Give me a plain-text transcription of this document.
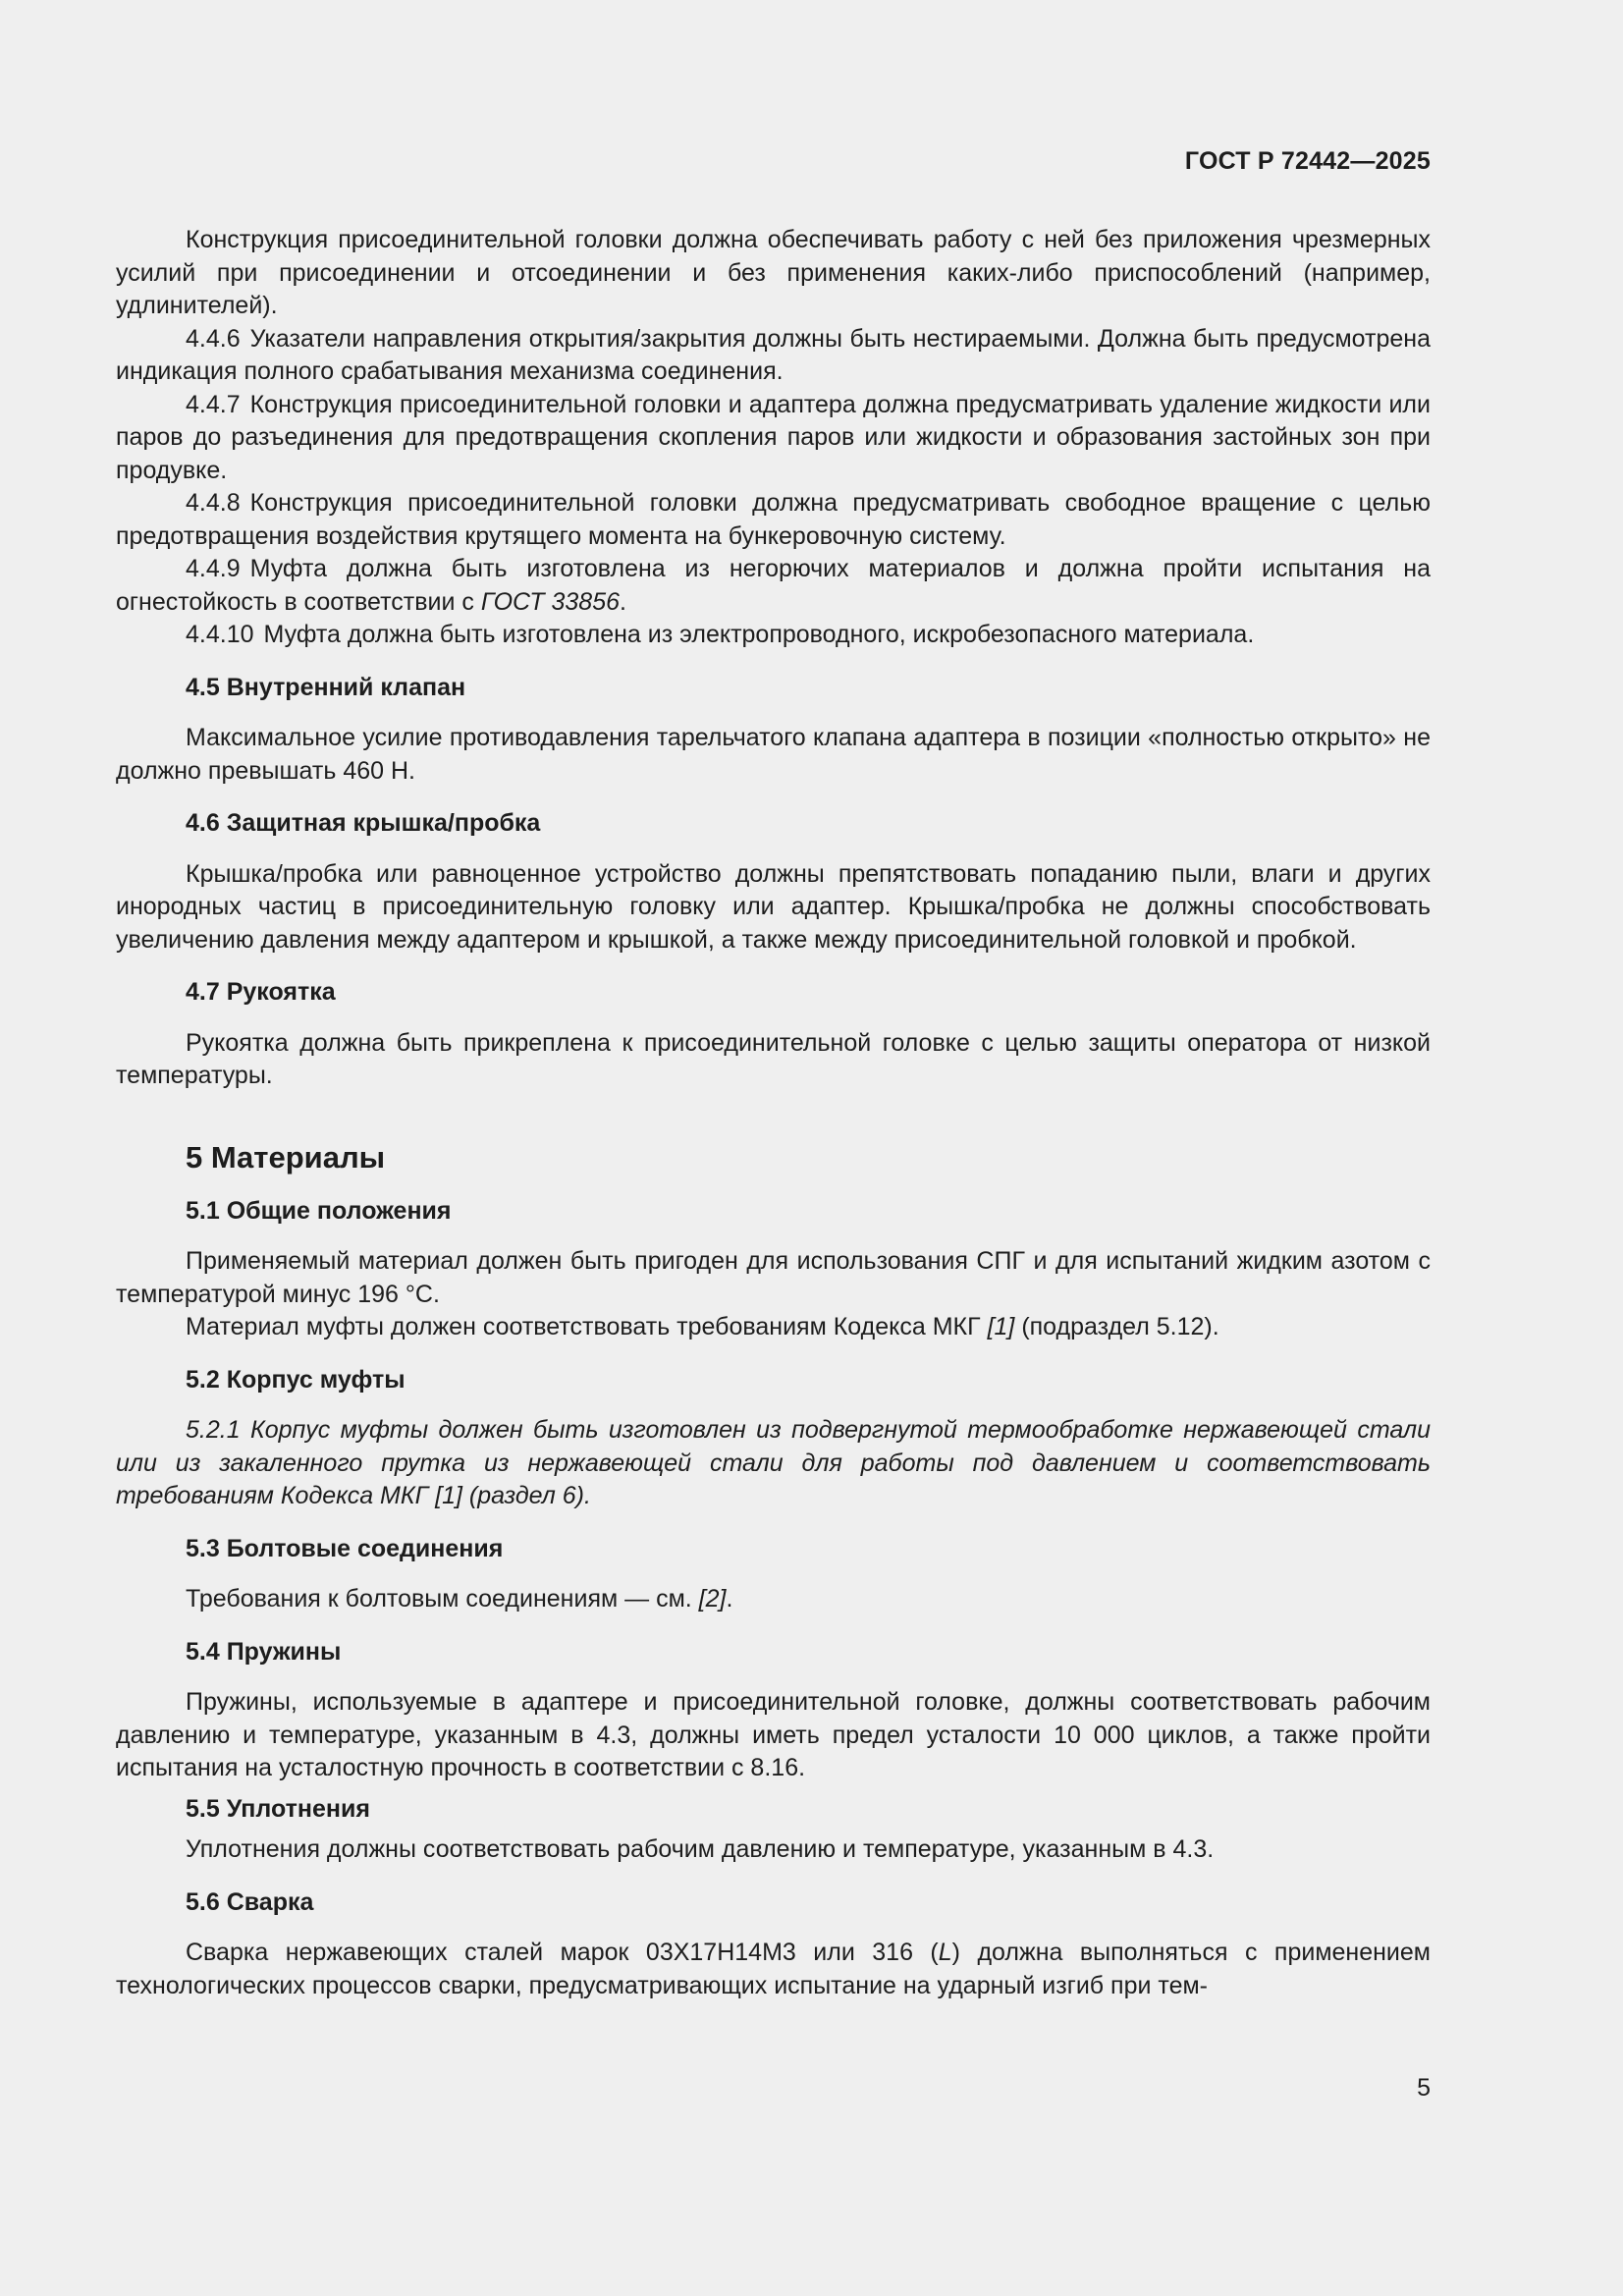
ГОСТ Р 72442—2025

Конструкция присоединительной головки должна обеспечивать работу с ней без приложения чрезмерных усилий при присоединении и отсоединении и без применения каких-либо приспособлений (например, удлинителей).

4.4.6 Указатели направления открытия/закрытия должны быть нестираемыми. Должна быть предусмотрена индикация полного срабатывания механизма соединения.

4.4.7 Конструкция присоединительной головки и адаптера должна предусматривать удаление жидкости или паров до разъединения для предотвращения скопления паров или жидкости и образования застойных зон при продувке.

4.4.8 Конструкция присоединительной головки должна предусматривать свободное вращение с целью предотвращения воздействия крутящего момента на бункеровочную систему.

4.4.9 Муфта должна быть изготовлена из негорючих материалов и должна пройти испытания на огнестойкость в соответствии с ГОСТ 33856.

4.4.10 Муфта должна быть изготовлена из электропроводного, искробезопасного материала.

4.5 Внутренний клапан

Максимальное усилие противодавления тарельчатого клапана адаптера в позиции «полностью открыто» не должно превышать 460 Н.

4.6 Защитная крышка/пробка

Крышка/пробка или равноценное устройство должны препятствовать попаданию пыли, влаги и других инородных частиц в присоединительную головку или адаптер. Крышка/пробка не должны способствовать увеличению давления между адаптером и крышкой, а также между присоединительной головкой и пробкой.

4.7 Рукоятка

Рукоятка должна быть прикреплена к присоединительной головке с целью защиты оператора от низкой температуры.

5 Материалы
5.1 Общие положения

Применяемый материал должен быть пригоден для использования СПГ и для испытаний жидким азотом с температурой минус 196 °С.

Материал муфты должен соответствовать требованиям Кодекса МКГ [1] (подраздел 5.12).

5.2 Корпус муфты

5.2.1 Корпус муфты должен быть изготовлен из подвергнутой термообработке нержавеющей стали или из закаленного прутка из нержавеющей стали для работы под давлением и соответствовать требованиям Кодекса МКГ [1] (раздел 6).

5.3 Болтовые соединения

Требования к болтовым соединениям — см. [2].

5.4 Пружины

Пружины, используемые в адаптере и присоединительной головке, должны соответствовать рабочим давлению и температуре, указанным в 4.3, должны иметь предел усталости 10 000 циклов, а также пройти испытания на усталостную прочность в соответствии с 8.16.

5.5 Уплотнения

Уплотнения должны соответствовать рабочим давлению и температуре, указанным в 4.3.

5.6 Сварка

Сварка нержавеющих сталей марок 03Х17Н14М3 или 316 (L) должна выполняться с применением технологических процессов сварки, предусматривающих испытание на ударный изгиб при тем-

5
